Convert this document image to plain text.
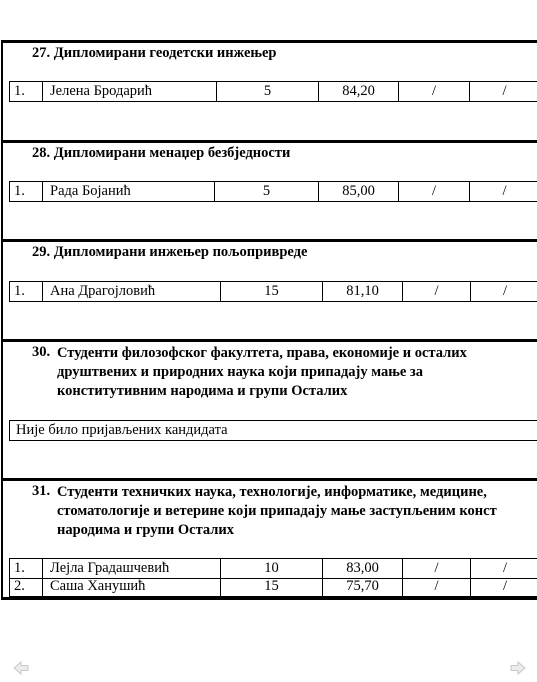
27. Дипломирани геодетски инжењер
1.	Јелена Бродарић	5	84,20	/	/
28. Дипломирани менаџер безбједности
1.	Рада Бојанић	5	85,00	/	/
29. Дипломирани инжењер пољопривреде
1.	Ана Драгојловић	15	81,10	/	/
30. Студенти филозофског факултета, права, економије и осталих
друштвених и природних наука који припадају мање за
конститутивним народима и групи Осталих
Није било пријављених кандидата
31. Студенти техничких наука, технологије, информатике, медицине,
стоматологије и ветерине који припадају мање заступљеним конст
народима и групи Осталих
1.	Лејла Градашчевић	10	83,00	/	/
2.	Саша Ханушић	15	75,70	/	/
